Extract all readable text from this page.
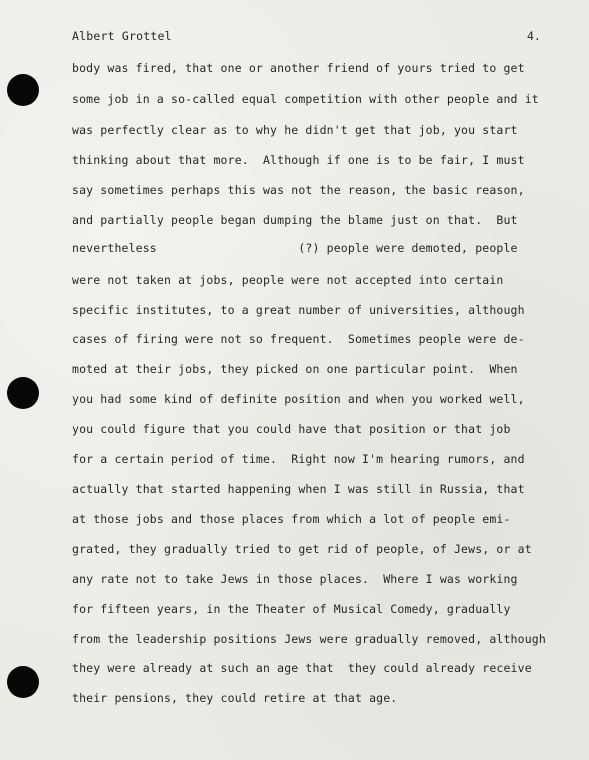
Albert Grottel	4.
body was fired, that one or another friend of yours tried to get
some job in a so-called equal competition with other people and it
was perfectly clear as to why he didn't get that job, you start
thinking about that more.  Although if one is to be fair, I must
say sometimes perhaps this was not the reason, the basic reason,
and partially people began dumping the blame just on that.  But
nevertheless                    (?) people were demoted, people
were not taken at jobs, people were not accepted into certain
specific institutes, to a great number of universities, although
cases of firing were not so frequent.  Sometimes people were de-
moted at their jobs, they picked on one particular point.  When
you had some kind of definite position and when you worked well,
you could figure that you could have that position or that job
for a certain period of time.  Right now I'm hearing rumors, and
actually that started happening when I was still in Russia, that
at those jobs and those places from which a lot of people emi-
grated, they gradually tried to get rid of people, of Jews, or at
any rate not to take Jews in those places.  Where I was working
for fifteen years, in the Theater of Musical Comedy, gradually
from the leadership positions Jews were gradually removed, although
they were already at such an age that  they could already receive
their pensions, they could retire at that age.
